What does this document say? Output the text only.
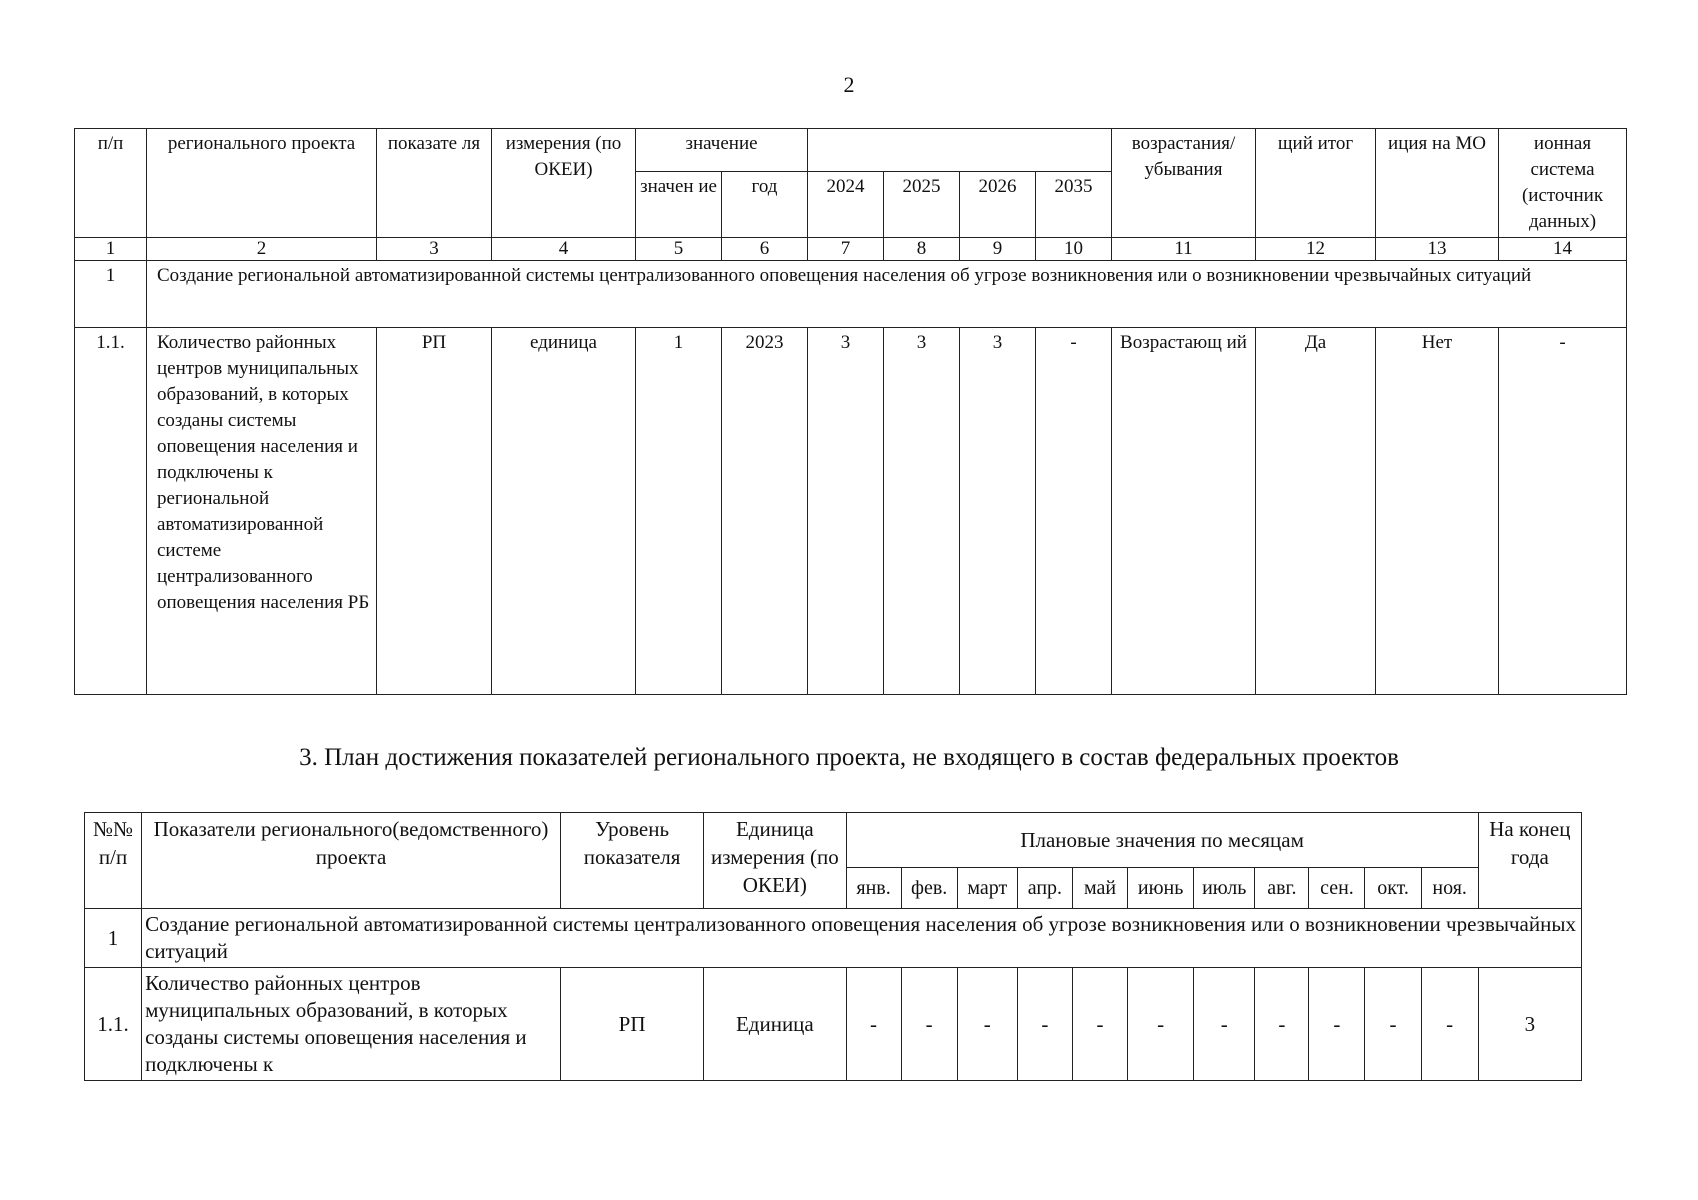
2
п/п	регионального проекта	показате ля	измерения (по ОКЕИ)	значение						возрастания/ убывания	щий итог	иция на МО	ионная система (источник данных)
				значен ие	год	2024	2025	2026	2035				
1	2	3	4	5	6	7	8	9	10	11	12	13	14
1	Создание региональной автоматизированной системы централизованного оповещения населения об угрозе возникновения или о возникновении чрезвычайных ситуаций												
1.1.	Количество районных центров муниципальных образований, в которых созданы системы оповещения населения и подключены к региональной автоматизированной системе централизованного оповещения населения РБ	РП	единица	1	2023	3	3	3	-	Возрастающ ий	Да	Нет	-
3. План достижения показателей регионального проекта, не входящего в состав федеральных проектов
№№ п/п	Показатели регионального(ведомственного) проекта	Уровень показателя	Единица измерения (по ОКЕИ)	Плановые значения по месяцам											На конец года
				янв.	фев.	март	апр.	май	июнь	июль	авг.	сен.	окт.	ноя.	
1	Создание региональной автоматизированной системы централизованного оповещения населения об угрозе возникновения или о возникновении чрезвычайных ситуаций														
1.1.	Количество районных центров муниципальных образований, в которых созданы системы оповещения населения и подключены к	РП	Единица	-	-	-	-	-	-	-	-	-	-	-	3
